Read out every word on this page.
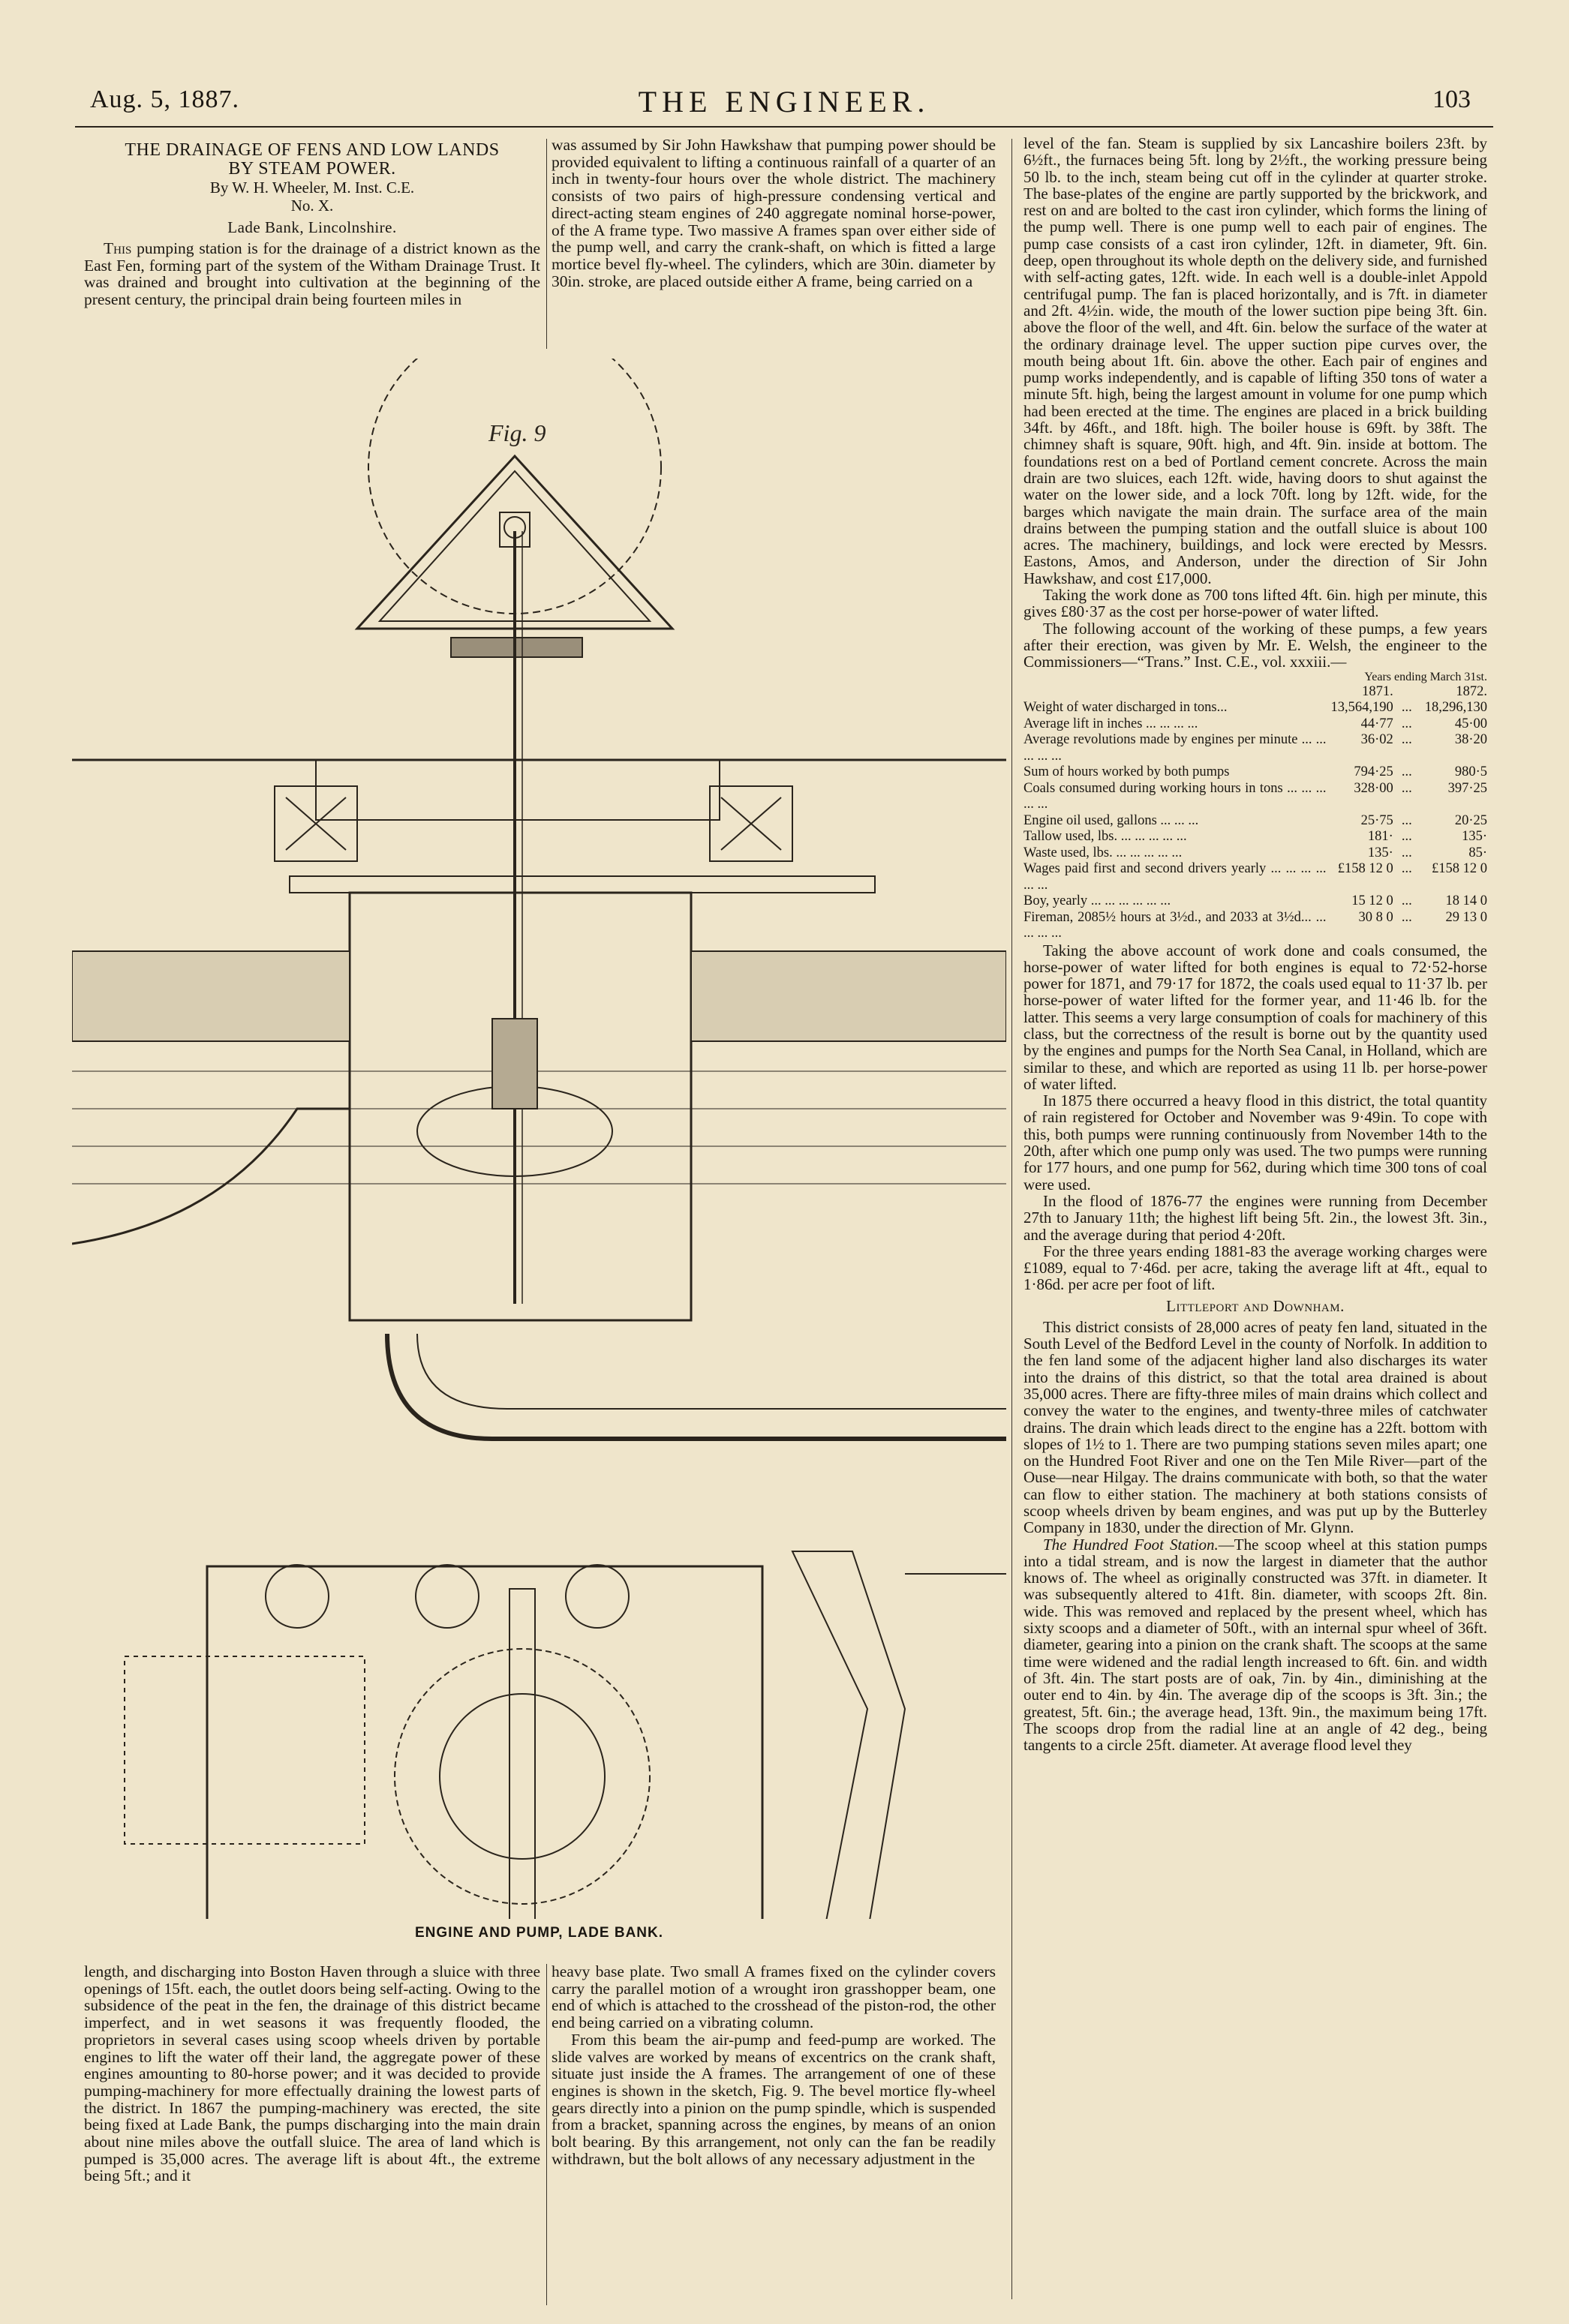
Aug. 5, 1887.	THE ENGINEER.	103

THE DRAINAGE OF FENS AND LOW LANDS

BY STEAM POWER.

By W. H. Wheeler, M. Inst. C.E.

No. X.

Lade Bank, Lincolnshire.

This pumping station is for the drainage of a district known as the East Fen, forming part of the system of the Witham Drainage Trust. It was drained and brought into cultivation at the beginning of the present century, the principal drain being fourteen miles in

was assumed by Sir John Hawkshaw that pumping power should be provided equivalent to lifting a continuous rainfall of a quarter of an inch in twenty-four hours over the whole district. The machinery consists of two pairs of high-pressure condensing vertical and direct-acting steam engines of 240 aggregate nominal horse-power, of the A frame type. Two massive A frames span over either side of the pump well, and carry the crank-shaft, on which is fitted a large mortice bevel fly-wheel. The cylinders, which are 30in. diameter by 30in. stroke, are placed outside either A frame, being carried on a

Fig. 9
ENGINE AND PUMP, LADE BANK.

length, and discharging into Boston Haven through a sluice with three openings of 15ft. each, the outlet doors being self-acting. Owing to the subsidence of the peat in the fen, the drainage of this district became imperfect, and in wet seasons it was frequently flooded, the proprietors in several cases using scoop wheels driven by portable engines to lift the water off their land, the aggregate power of these engines amounting to 80-horse power; and it was decided to provide pumping-machinery for more effectually draining the lowest parts of the district. In 1867 the pumping-machinery was erected, the site being fixed at Lade Bank, the pumps discharging into the main drain about nine miles above the outfall sluice. The area of land which is pumped is 35,000 acres. The average lift is about 4ft., the extreme being 5ft.; and it

heavy base plate. Two small A frames fixed on the cylinder covers carry the parallel motion of a wrought iron grasshopper beam, one end of which is attached to the crosshead of the piston-rod, the other end being carried on a vibrating column.

From this beam the air-pump and feed-pump are worked. The slide valves are worked by means of excentrics on the crank shaft, situate just inside the A frames. The arrangement of one of these engines is shown in the sketch, Fig. 9. The bevel mortice fly-wheel gears directly into a pinion on the pump spindle, which is suspended from a bracket, spanning across the engines, by means of an onion bolt bearing. By this arrangement, not only can the fan be readily withdrawn, but the bolt allows of any necessary adjustment in the

level of the fan. Steam is supplied by six Lancashire boilers 23ft. by 6½ft., the furnaces being 5ft. long by 2½ft., the working pressure being 50 lb. to the inch, steam being cut off in the cylinder at quarter stroke. The base-plates of the engine are partly supported by the brickwork, and rest on and are bolted to the cast iron cylinder, which forms the lining of the pump well. There is one pump well to each pair of engines. The pump case consists of a cast iron cylinder, 12ft. in diameter, 9ft. 6in. deep, open throughout its whole depth on the delivery side, and furnished with self-acting gates, 12ft. wide. In each well is a double-inlet Appold centrifugal pump. The fan is placed horizontally, and is 7ft. in diameter and 2ft. 4½in. wide, the mouth of the lower suction pipe being 3ft. 6in. above the floor of the well, and 4ft. 6in. below the surface of the water at the ordinary drainage level. The upper suction pipe curves over, the mouth being about 1ft. 6in. above the other. Each pair of engines and pump works independently, and is capable of lifting 350 tons of water a minute 5ft. high, being the largest amount in volume for one pump which had been erected at the time. The engines are placed in a brick building 34ft. by 46ft., and 18ft. high. The boiler house is 69ft. by 38ft. The chimney shaft is square, 90ft. high, and 4ft. 9in. inside at bottom. The foundations rest on a bed of Portland cement concrete. Across the main drain are two sluices, each 12ft. wide, having doors to shut against the water on the lower side, and a lock 70ft. long by 12ft. wide, for the barges which navigate the main drain. The surface area of the main drains between the pumping station and the outfall sluice is about 100 acres. The machinery, buildings, and lock were erected by Messrs. Eastons, Amos, and Anderson, under the direction of Sir John Hawkshaw, and cost £17,000.

Taking the work done as 700 tons lifted 4ft. 6in. high per minute, this gives £80·37 as the cost per horse-power of water lifted.

The following account of the working of these pumps, a few years after their erection, was given by Mr. E. Welsh, the engineer to the Commissioners—“Trans.” Inst. C.E., vol. xxxiii.—

Years ending March 31st.
	1871.		1872.
Weight of water discharged in tons...	13,564,190	...	18,296,130
Average lift in inches ... ... ... ...	44·77	...	45·00
Average revolutions made by engines per minute ... ... ... ... ...	36·02	...	38·20
Sum of hours worked by both pumps	794·25	...	980·5
Coals consumed during working hours in tons ... ... ... ... ...	328·00	...	397·25
Engine oil used, gallons ... ... ...	25·75	...	20·25
Tallow used, lbs. ... ... ... ... ...	181·	...	135·
Waste used, lbs. ... ... ... ... ...	135·	...	85·
Wages paid first and second drivers yearly ... ... ... ... ... ...	£158 12 0	...	£158 12 0
Boy, yearly ... ... ... ... ... ...	15 12 0	...	18 14 0
Fireman, 2085½ hours at 3½d., and 2033 at 3½d... ... ... ... ...	30 8 0	...	29 13 0

Taking the above account of work done and coals consumed, the horse-power of water lifted for both engines is equal to 72·52-horse power for 1871, and 79·17 for 1872, the coals used equal to 11·37 lb. per horse-power of water lifted for the former year, and 11·46 lb. for the latter. This seems a very large consumption of coals for machinery of this class, but the correctness of the result is borne out by the quantity used by the engines and pumps for the North Sea Canal, in Holland, which are similar to these, and which are reported as using 11 lb. per horse-power of water lifted.

In 1875 there occurred a heavy flood in this district, the total quantity of rain registered for October and November was 9·49in. To cope with this, both pumps were running continuously from November 14th to the 20th, after which one pump only was used. The two pumps were running for 177 hours, and one pump for 562, during which time 300 tons of coal were used.

In the flood of 1876-77 the engines were running from December 27th to January 11th; the highest lift being 5ft. 2in., the lowest 3ft. 3in., and the average during that period 4·20ft.

For the three years ending 1881-83 the average working charges were £1089, equal to 7·46d. per acre, taking the average lift at 4ft., equal to 1·86d. per acre per foot of lift.

Littleport and Downham.

This district consists of 28,000 acres of peaty fen land, situated in the South Level of the Bedford Level in the county of Norfolk. In addition to the fen land some of the adjacent higher land also discharges its water into the drains of this district, so that the total area drained is about 35,000 acres. There are fifty-three miles of main drains which collect and convey the water to the engines, and twenty-three miles of catchwater drains. The drain which leads direct to the engine has a 22ft. bottom with slopes of 1½ to 1. There are two pumping stations seven miles apart; one on the Hundred Foot River and one on the Ten Mile River—part of the Ouse—near Hilgay. The drains communicate with both, so that the water can flow to either station. The machinery at both stations consists of scoop wheels driven by beam engines, and was put up by the Butterley Company in 1830, under the direction of Mr. Glynn.

The Hundred Foot Station.—The scoop wheel at this station pumps into a tidal stream, and is now the largest in diameter that the author knows of. The wheel as originally constructed was 37ft. in diameter. It was subsequently altered to 41ft. 8in. diameter, with scoops 2ft. 8in. wide. This was removed and replaced by the present wheel, which has sixty scoops and a diameter of 50ft., with an internal spur wheel of 36ft. diameter, gearing into a pinion on the crank shaft. The scoops at the same time were widened and the radial length increased to 6ft. 6in. and width of 3ft. 4in. The start posts are of oak, 7in. by 4in., diminishing at the outer end to 4in. by 4in. The average dip of the scoops is 3ft. 3in.; the greatest, 5ft. 6in.; the average head, 13ft. 9in., the maximum being 17ft. The scoops drop from the radial line at an angle of 42 deg., being tangents to a circle 25ft. diameter. At average flood level they
